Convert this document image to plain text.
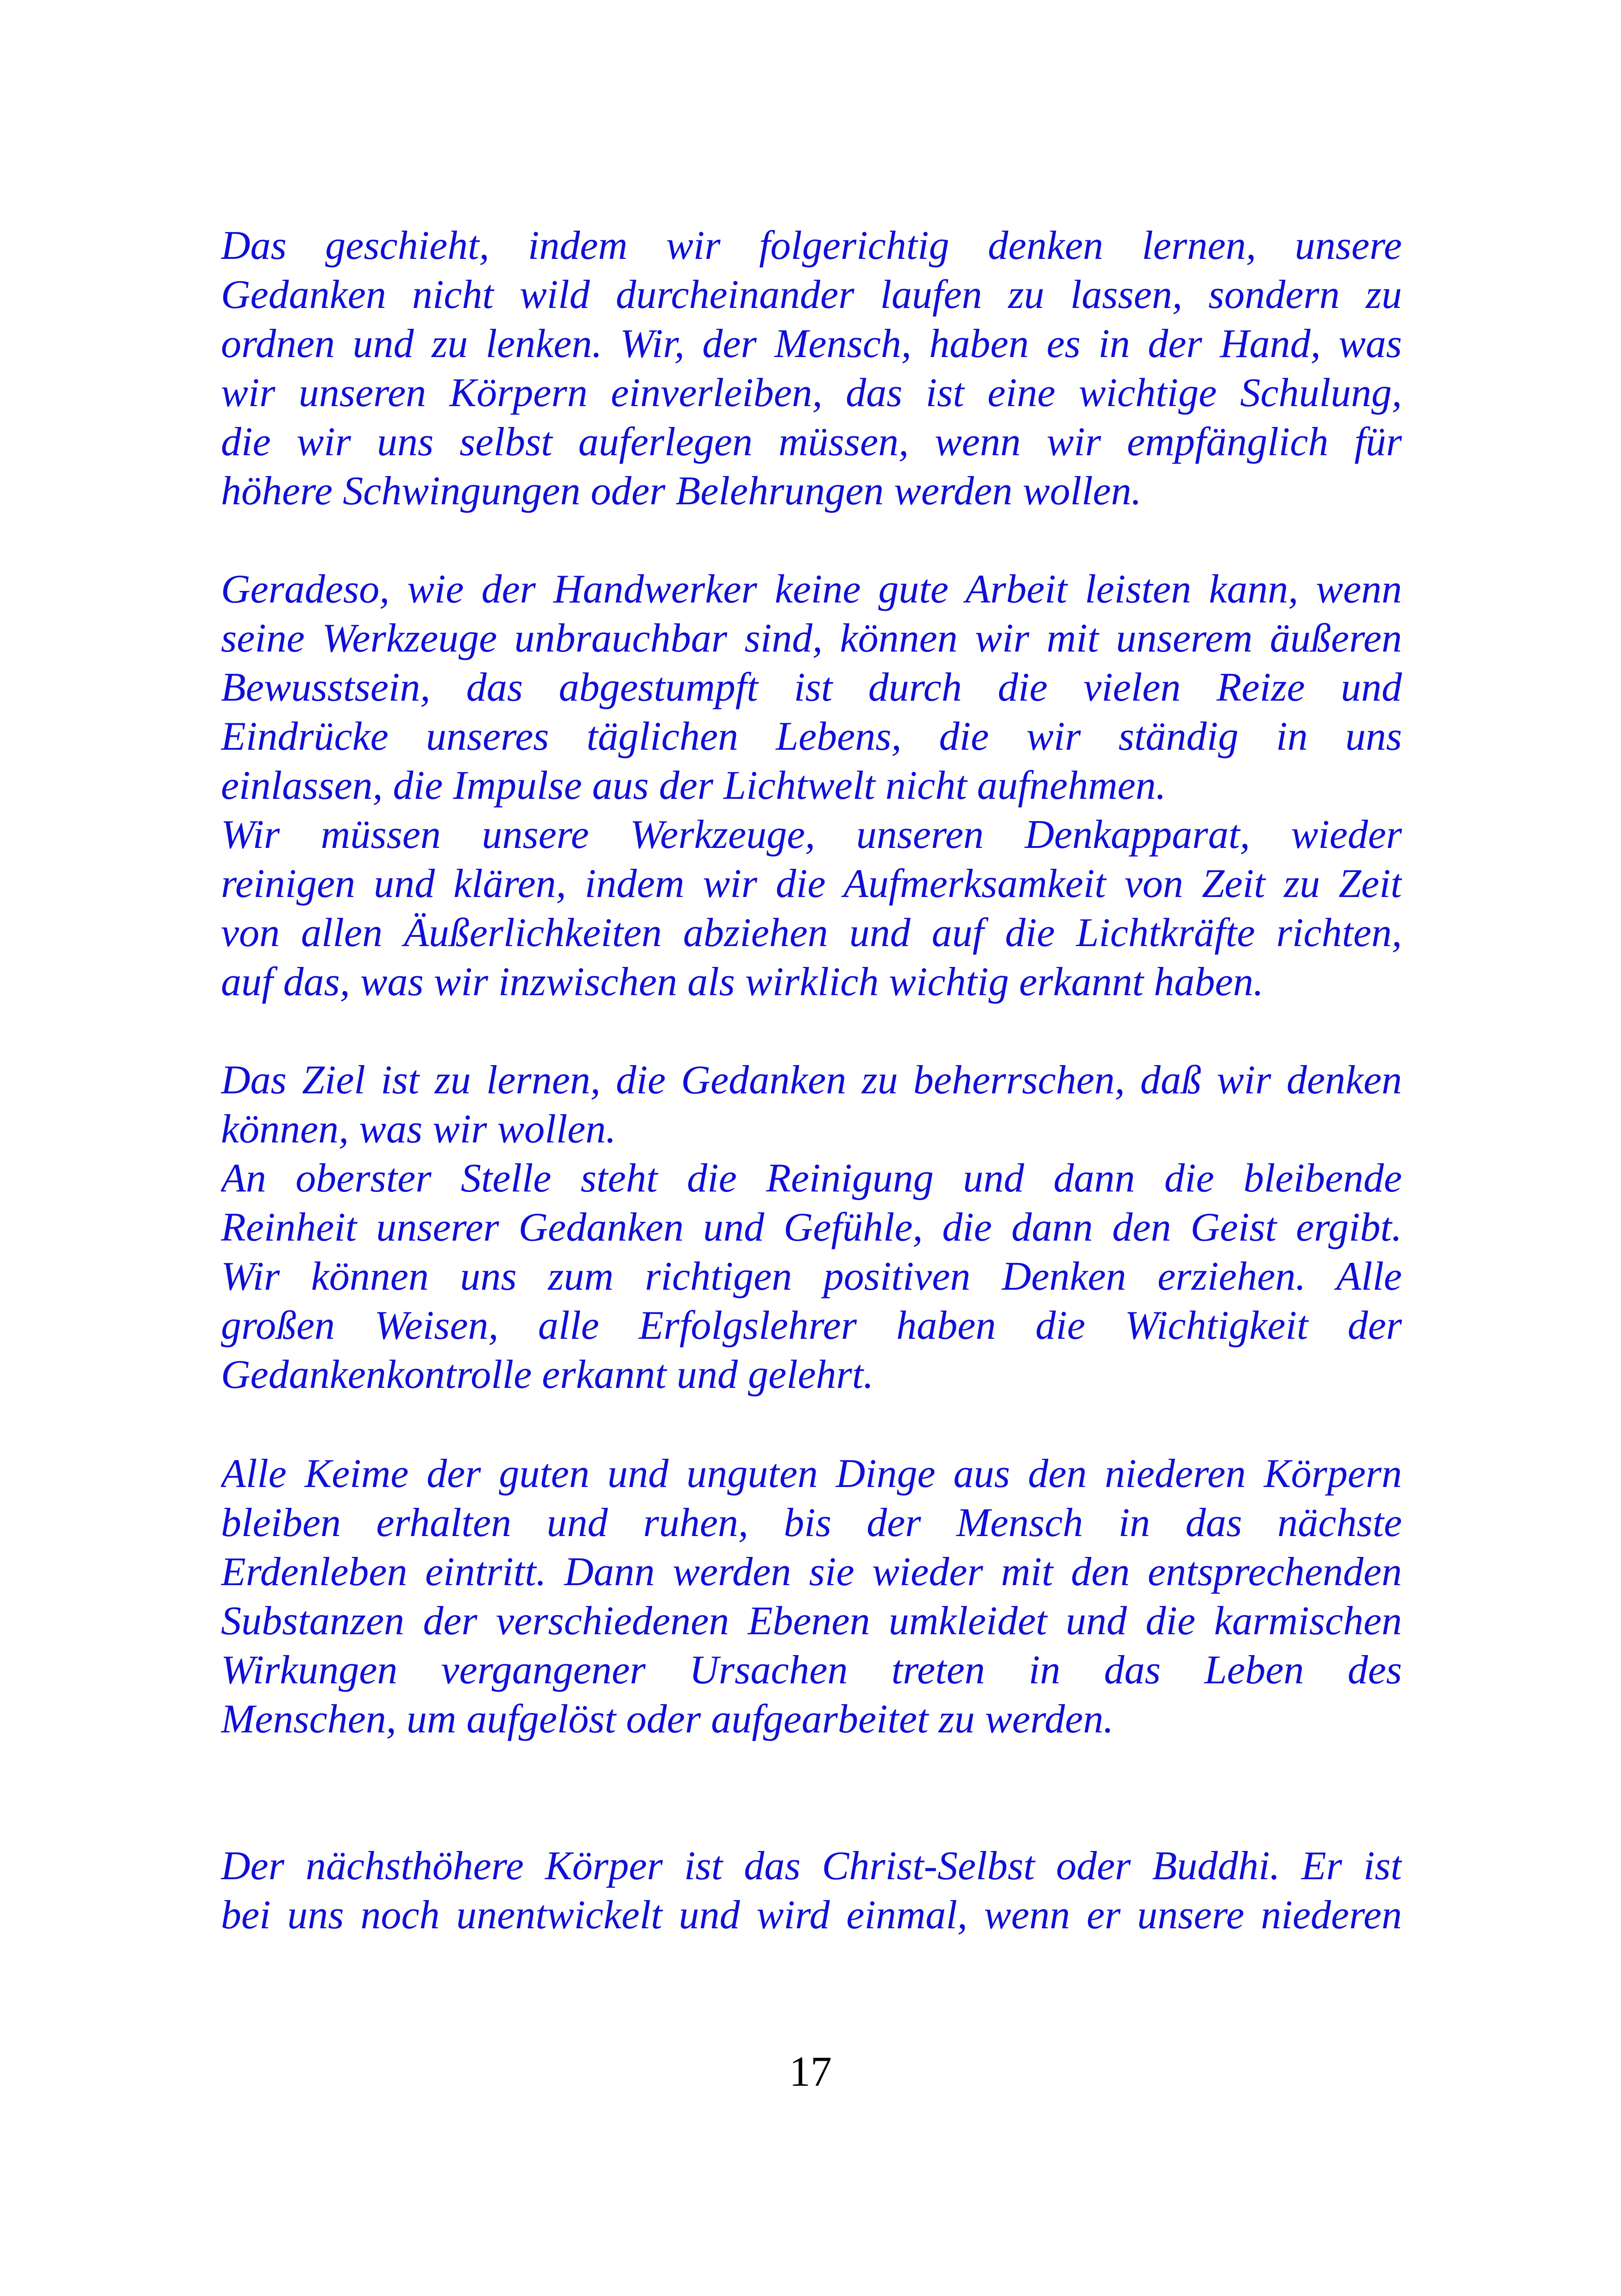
Das geschieht, indem wir folgerichtig denken lernen, unsere
Gedanken nicht wild durcheinander laufen zu lassen, sondern zu
ordnen und zu lenken. Wir, der Mensch, haben es in der Hand, was
wir unseren Körpern einverleiben, das ist eine wichtige Schulung,
die wir uns selbst auferlegen müssen, wenn wir empfänglich für
höhere Schwingungen oder Belehrungen werden wollen.
Geradeso, wie der Handwerker keine gute Arbeit leisten kann, wenn
seine Werkzeuge unbrauchbar sind, können wir mit unserem äußeren
Bewusstsein, das abgestumpft ist durch die vielen Reize und
Eindrücke unseres täglichen Lebens, die wir ständig in uns
einlassen, die Impulse aus der Lichtwelt nicht aufnehmen.
Wir müssen unsere Werkzeuge, unseren Denkapparat, wieder
reinigen und klären, indem wir die Aufmerksamkeit von Zeit zu Zeit
von allen Äußerlichkeiten abziehen und auf die Lichtkräfte richten,
auf das, was wir inzwischen als wirklich wichtig erkannt haben.
Das Ziel ist zu lernen, die Gedanken zu beherrschen, daß wir denken
können, was wir wollen.
An oberster Stelle steht die Reinigung und dann die bleibende
Reinheit unserer Gedanken und Gefühle, die dann den Geist ergibt.
Wir können uns zum richtigen positiven Denken erziehen. Alle
großen Weisen, alle Erfolgslehrer haben die Wichtigkeit der
Gedankenkontrolle erkannt und gelehrt.
Alle Keime der guten und unguten Dinge aus den niederen Körpern
bleiben erhalten und ruhen, bis der Mensch in das nächste
Erdenleben eintritt. Dann werden sie wieder mit den entsprechenden
Substanzen der verschiedenen Ebenen umkleidet und die karmischen
Wirkungen vergangener Ursachen treten in das Leben des
Menschen, um aufgelöst oder aufgearbeitet zu werden.
Der nächsthöhere Körper ist das Christ-Selbst oder Buddhi. Er ist
bei uns noch unentwickelt und wird einmal, wenn er unsere niederen
17
